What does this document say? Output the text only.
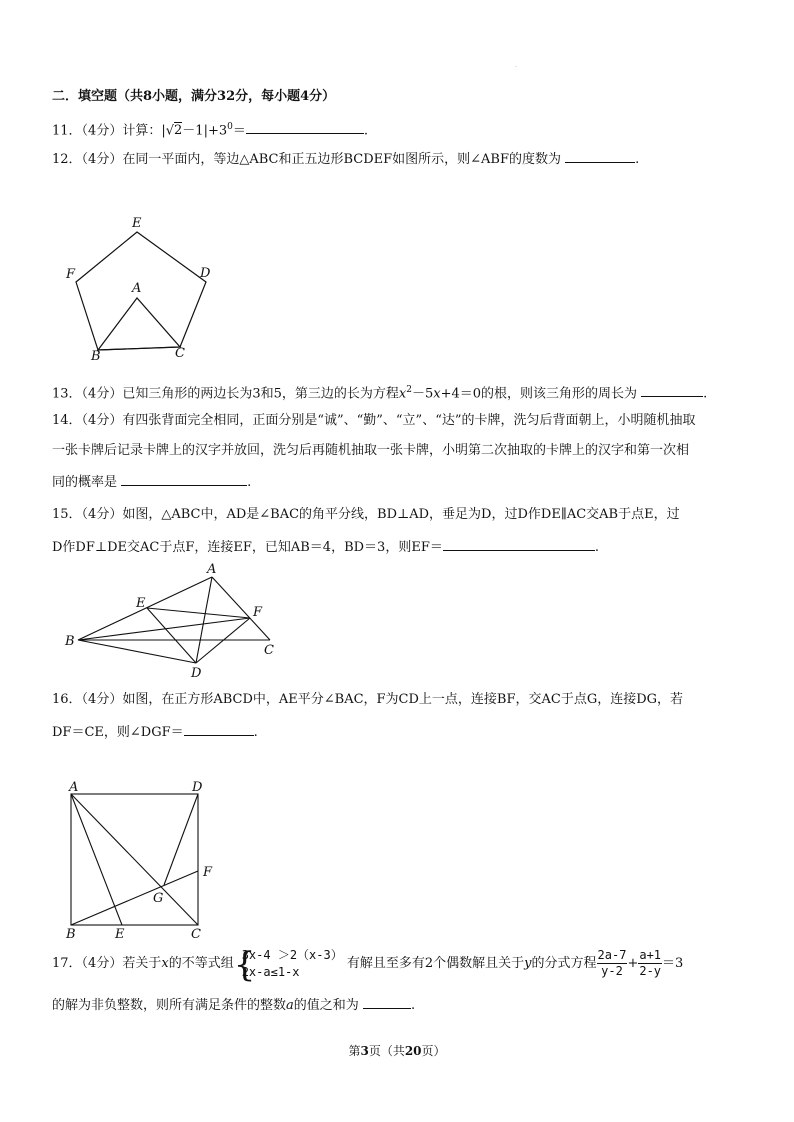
·
二．填空题（共8小题，满分32分，每小题4分）
11．（4分）计算：$|√2-1|+3^0=$	.
12．（4分）在同一平面内，等边△ABC和正五边形BCDEF如图所示，则∠ABF的度数为	.
E
F	D
A
B	C
13．（4分）已知三角形的两边长为3和5，第三边的长为方程$x^2-5x+4=0$的根，则该三角形的周长为	.
14．（4分）有四张背面完全相同，正面分别是“诚”、“勤”、“立”、“达”的卡牌，洗匀后背面朝上，小明随机抽取
一张卡牌后记录卡牌上的汉字并放回，洗匀后再随机抽取一张卡牌，小明第二次抽取的卡牌上的汉字和第一次相
同的概率是	.
15．（4分）如图，△ABC中，AD是∠BAC的角平分线，BD⊥AD，垂足为D，过D作DE∥AC交AB于点E，过
D作DF⊥DE交AC于点F，连接EF，已知AB＝4，BD＝3，则EF＝	.
A
E
F
B
C
D
16．（4分）如图，在正方形ABCD中，AE平分∠BAC，F为CD上一点，连接BF，交AC于点G，连接DG，若
DF＝CE，则∠DGF＝	.
A	D
F
G
B	E	C
17．（4分）若关于x的不等式组 {
3x-4 ＞2（x-3）
2x-a≤1-x
有解且至多有2个偶数解且关于y的分式方程 $\frac{2a-7}{y-2} + \frac{a+1}{2-y} =3$
的解为非负整数，则所有满足条件的整数a的值之和为	.
第3页（共20页）
